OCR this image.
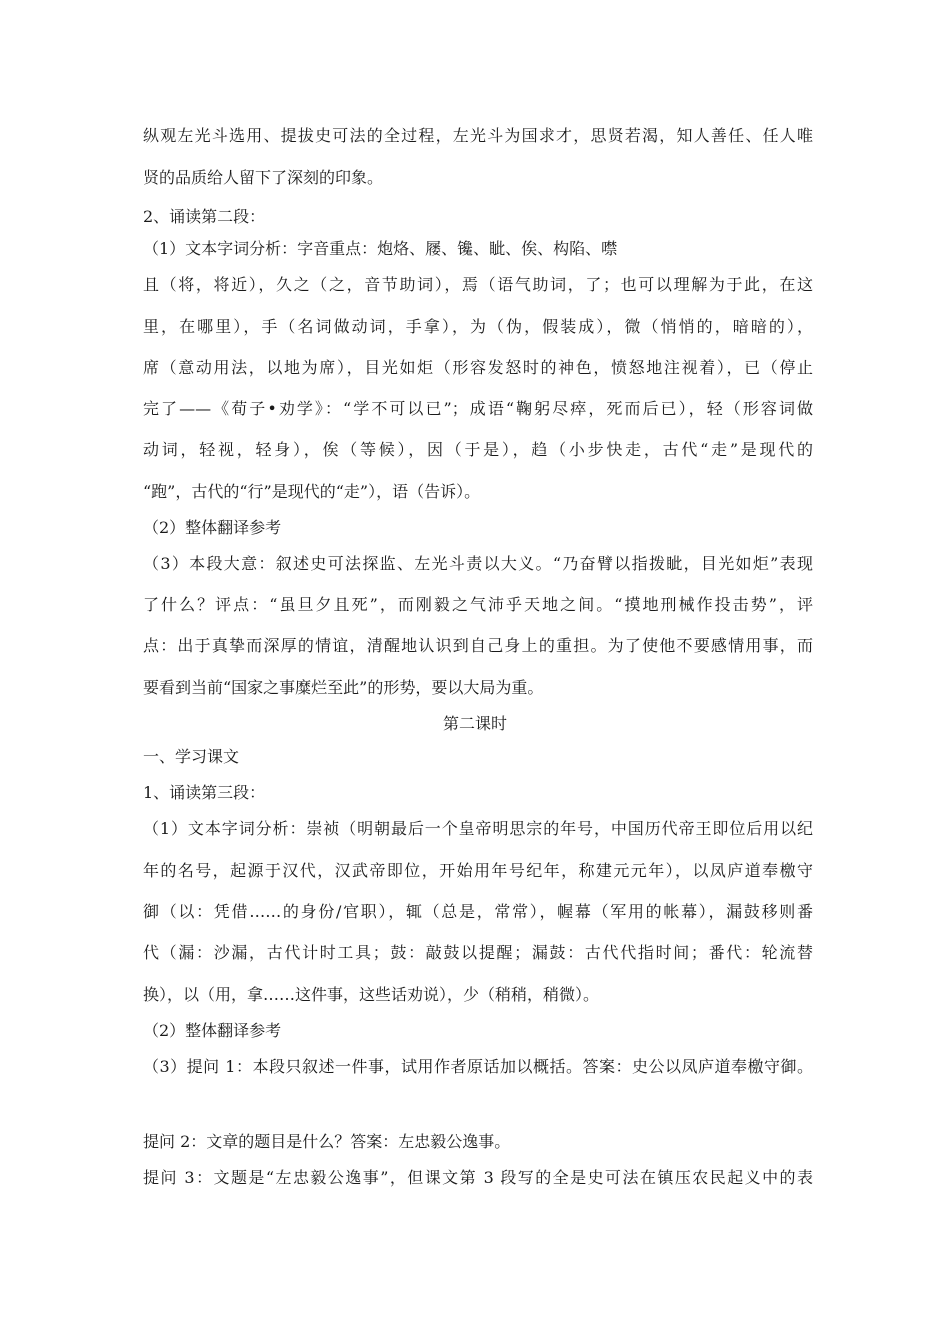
纵观左光斗选用、提拔史可法的全过程，左光斗为国求才，思贤若渴，知人善任、任人唯
贤的品质给人留下了深刻的印象。
2、诵读第二段：
（1）文本字词分析：字音重点：炮烙、屦、镵、眦、俟、构陷、噤
且（将，将近），久之（之，音节助词），焉（语气助词，了；也可以理解为于此，在这
里，在哪里），手（名词做动词，手拿），为（伪，假装成），微（悄悄的，暗暗的），
席（意动用法，以地为席），目光如炬（形容发怒时的神色，愤怒地注视着），已（停止
完了——《荀子•劝学》：“学不可以已”；成语“鞠躬尽瘁，死而后已），轻（形容词做
动词，轻视，轻身），俟（等候），因（于是），趋（小步快走，古代“走”是现代的
“跑”，古代的“行”是现代的“走”），语（告诉）。
（2）整体翻译参考
（3）本段大意：叙述史可法探监、左光斗责以大义。“乃奋臂以指拨眦，目光如炬”表现
了什么？评点：“虽旦夕且死”，而刚毅之气沛乎天地之间。“摸地刑械作投击势”，评
点：出于真挚而深厚的情谊，清醒地认识到自己身上的重担。为了使他不要感情用事，而
要看到当前“国家之事糜烂至此”的形势，要以大局为重。
第二课时
一、学习课文
1、诵读第三段：
（1）文本字词分析：崇祯（明朝最后一个皇帝明思宗的年号，中国历代帝王即位后用以纪
年的名号，起源于汉代，汉武帝即位，开始用年号纪年，称建元元年），以凤庐道奉檄守
御（以：凭借……的身份/官职），辄（总是，常常），幄幕（军用的帐幕），漏鼓移则番
代（漏：沙漏，古代计时工具；鼓：敲鼓以提醒；漏鼓：古代代指时间；番代：轮流替
换），以（用，拿……这件事，这些话劝说），少（稍稍，稍微）。
（2）整体翻译参考
（3）提问 1：本段只叙述一件事，试用作者原话加以概括。答案：史公以凤庐道奉檄守御。
提问 2：文章的题目是什么？答案：左忠毅公逸事。
提问 3：文题是“左忠毅公逸事”，但课文第 3 段写的全是史可法在镇压农民起义中的表
